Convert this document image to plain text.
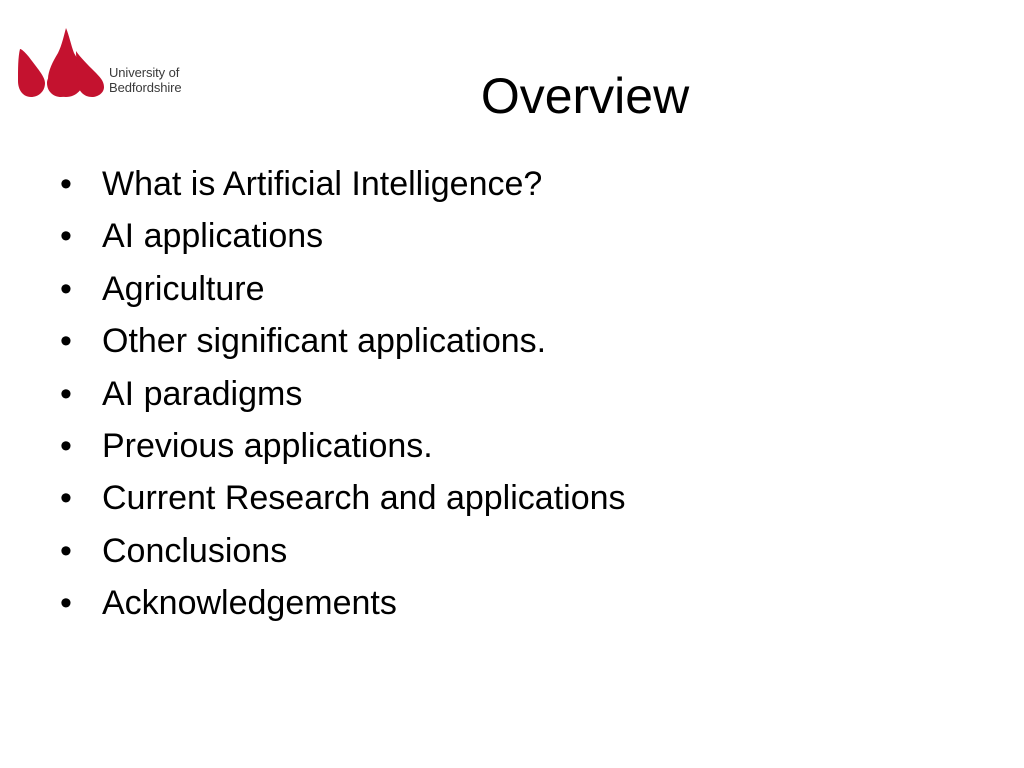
University of
Bedfordshire	Overview
• What is Artificial Intelligence?
• AI applications
• Agriculture
• Other significant applications.
• AI paradigms
• Previous applications.
• Current Research and applications
• Conclusions
• Acknowledgements
